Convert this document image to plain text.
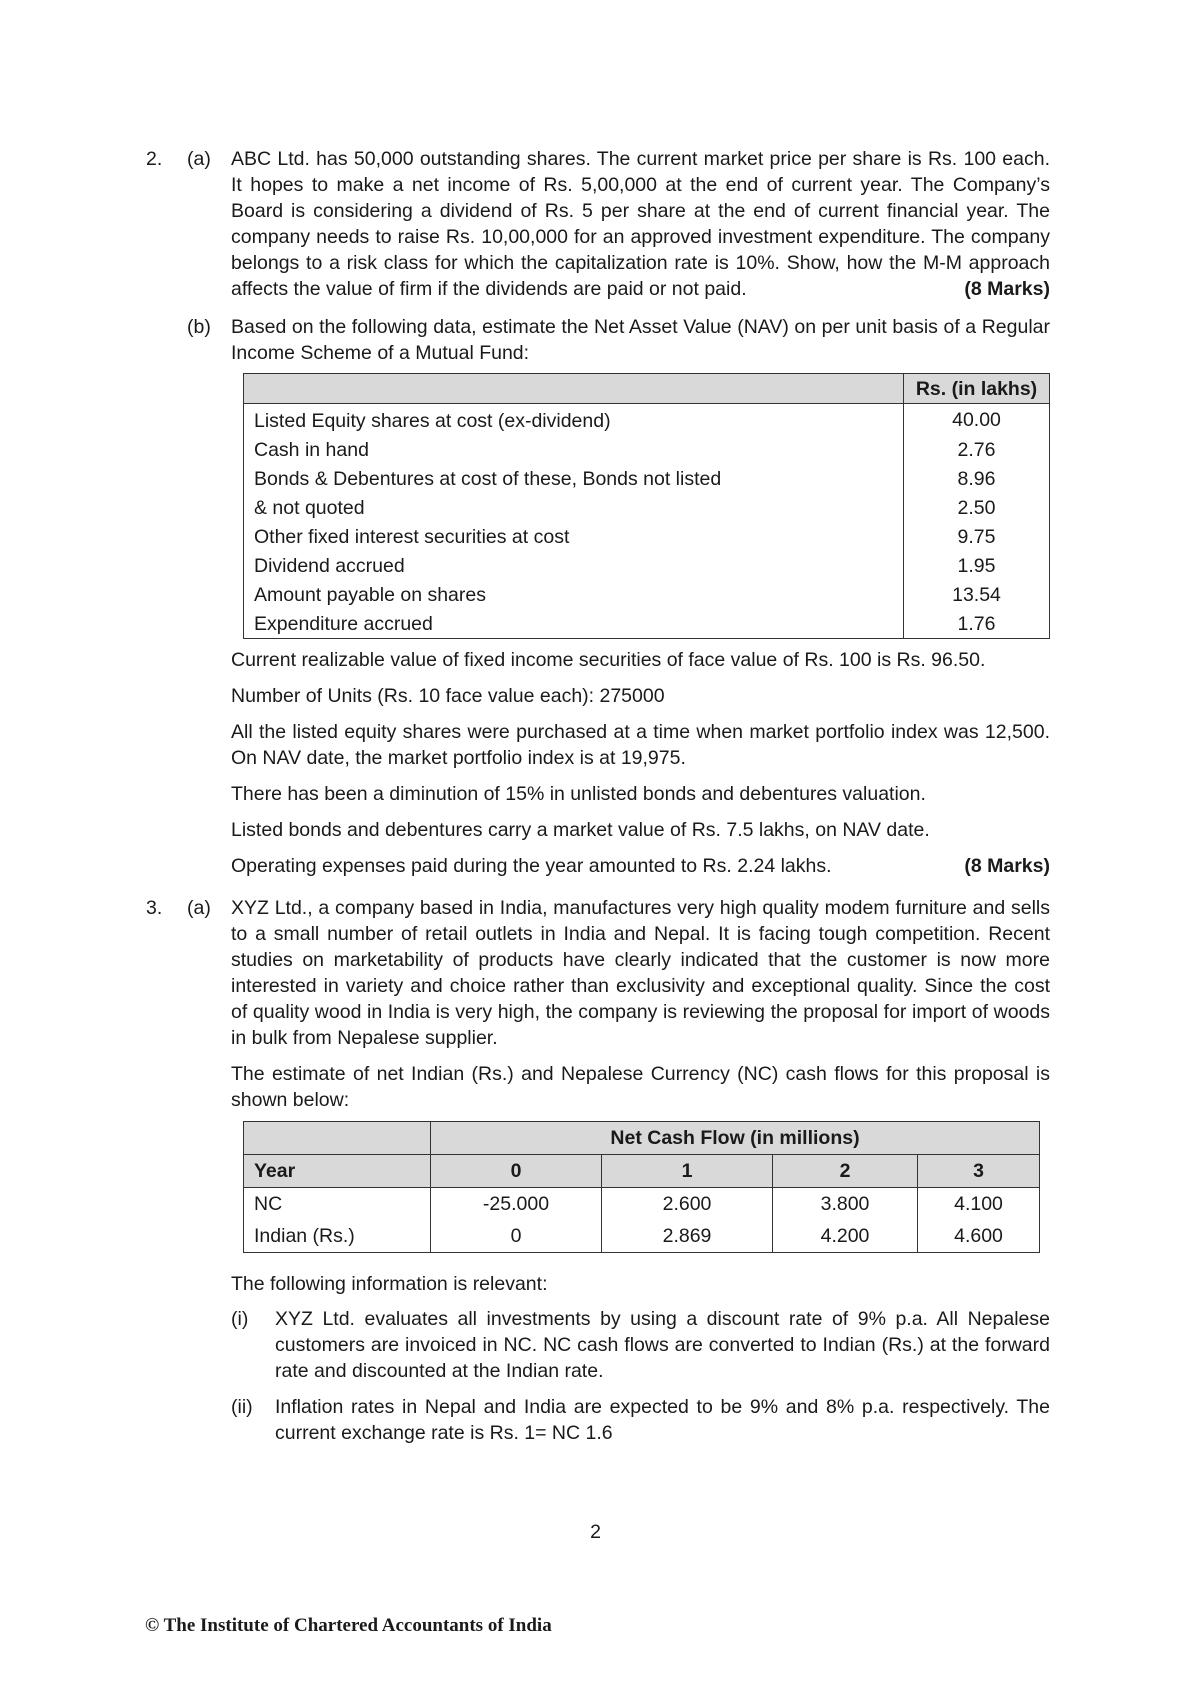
2. (a) ABC Ltd. has 50,000 outstanding shares. The current market price per share is Rs. 100 each. It hopes to make a net income of Rs. 5,00,000 at the end of current year. The Company’s Board is considering a dividend of Rs. 5 per share at the end of current financial year. The company needs to raise Rs. 10,00,000 for an approved investment expenditure. The company belongs to a risk class for which the capitalization rate is 10%. Show, how the M-M approach affects the value of firm if the dividends are paid or not paid.	(8 Marks)
(b) Based on the following data, estimate the Net Asset Value (NAV) on per unit basis of a Regular Income Scheme of a Mutual Fund:
	Rs. (in lakhs)
Listed Equity shares at cost (ex-dividend)	40.00
Cash in hand	2.76
Bonds & Debentures at cost of these, Bonds not listed	8.96
& not quoted	2.50
Other fixed interest securities at cost	9.75
Dividend accrued	1.95
Amount payable on shares	13.54
Expenditure accrued	1.76

Current realizable value of fixed income securities of face value of Rs. 100 is Rs. 96.50.

Number of Units (Rs. 10 face value each): 275000

All the listed equity shares were purchased at a time when market portfolio index was 12,500. On NAV date, the market portfolio index is at 19,975.

There has been a diminution of 15% in unlisted bonds and debentures valuation.

Listed bonds and debentures carry a market value of Rs. 7.5 lakhs, on NAV date.

Operating expenses paid during the year amounted to Rs. 2.24 lakhs.	(8 Marks)

3. (a) XYZ Ltd., a company based in India, manufactures very high quality modem furniture and sells to a small number of retail outlets in India and Nepal. It is facing tough competition. Recent studies on marketability of products have clearly indicated that the customer is now more interested in variety and choice rather than exclusivity and exceptional quality. Since the cost of quality wood in India is very high, the company is reviewing the proposal for import of woods in bulk from Nepalese supplier.

The estimate of net Indian (Rs.) and Nepalese Currency (NC) cash flows for this proposal is shown below:

	Net Cash Flow (in millions)			
Year	0	1	2	3
NC	-25.000	2.600	3.800	4.100
Indian (Rs.)	0	2.869	4.200	4.600
The following information is relevant:
(i) XYZ Ltd. evaluates all investments by using a discount rate of 9% p.a. All Nepalese customers are invoiced in NC. NC cash flows are converted to Indian (Rs.) at the forward rate and discounted at the Indian rate.
(ii) Inflation rates in Nepal and India are expected to be 9% and 8% p.a. respectively. The current exchange rate is Rs. 1= NC 1.6
2
© The Institute of Chartered Accountants of India
